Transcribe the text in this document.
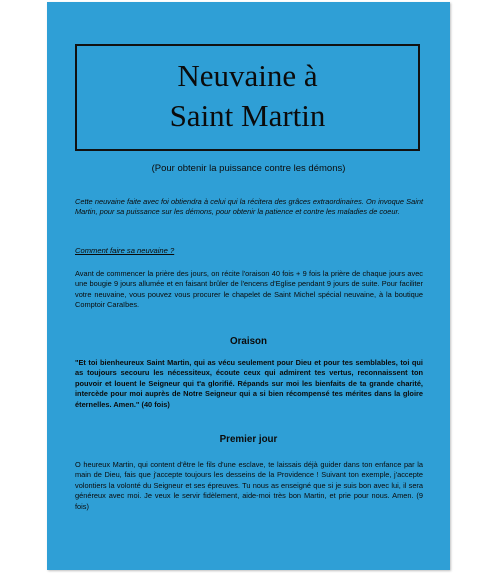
Neuvaine à
Saint Martin
(Pour obtenir la puissance contre les démons)
Cette neuvaine faite avec foi obtiendra à celui qui la récitera des grâces extraordinaires. On invoque Saint Martin, pour sa puissance sur les démons, pour obtenir la patience et contre les maladies de coeur.
Comment faire sa neuvaine ?
Avant de commencer la prière des jours, on récite l'oraison 40 fois + 9 fois la prière de chaque jours avec une bougie 9 jours allumée et en faisant brûler de l'encens d'Eglise pendant 9 jours de suite. Pour faciliter votre neuvaine, vous pouvez vous procurer le chapelet de Saint Michel spécial neuvaine, à la boutique Comptoir Caraïbes.
Oraison
"Et toi bienheureux Saint Martin, qui as vécu seulement pour Dieu et pour tes semblables, toi qui as toujours secouru les nécessiteux, écoute ceux qui admirent tes vertus, reconnaissent ton pouvoir et louent le Seigneur qui t'a glorifié. Répands sur moi les bienfaits de ta grande charité, intercède pour moi auprès de Notre Seigneur qui a si bien récompensé tes mérites dans la gloire éternelles. Amen." (40 fois)
Premier jour
O heureux Martin, qui content d'être le fils d'une esclave, te laissais déjà guider dans ton enfance par la main de Dieu, fais que j'accepte toujours les desseins de la Providence ! Suivant ton exemple, j'accepte volontiers la volonté du Seigneur et ses épreuves. Tu nous as enseigné que si je suis bon avec lui, il sera généreux avec moi. Je veux le servir fidèlement, aide-moi très bon Martin, et prie pour nous. Amen. (9 fois)
